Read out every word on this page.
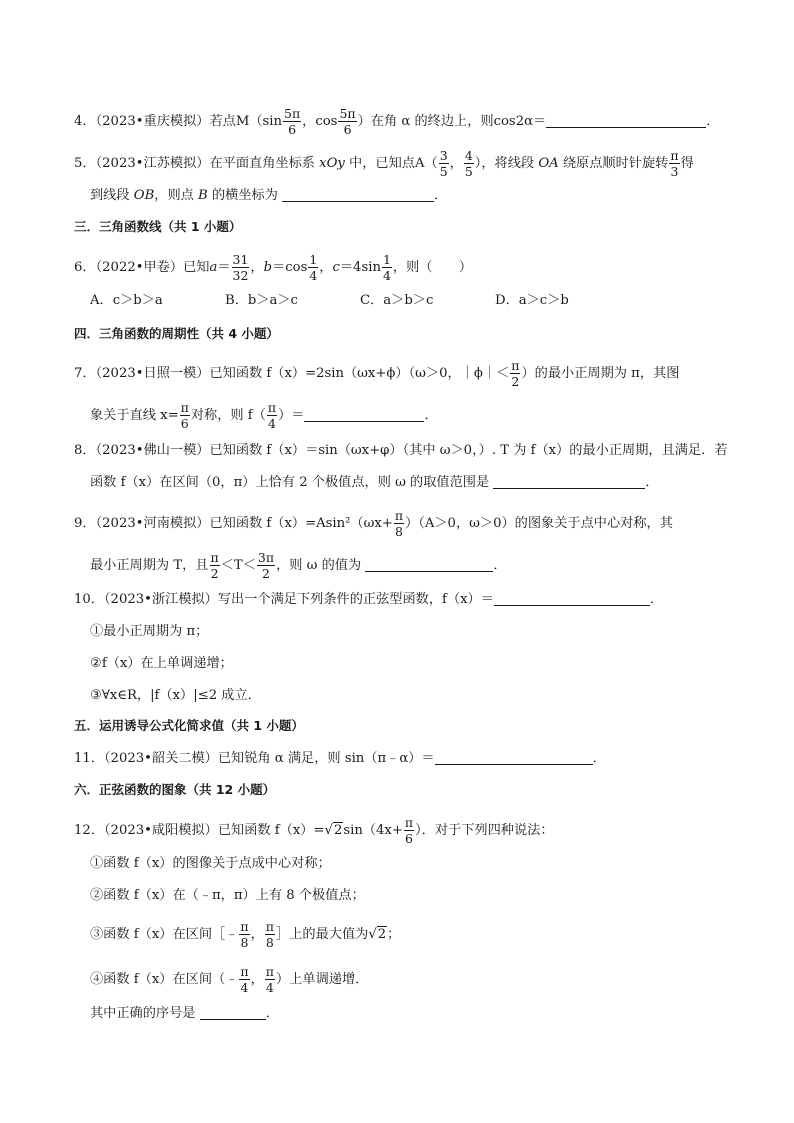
4．（2023•重庆模拟）若点$M(\sin \frac{5\pi}{6}$ ，$\cos \frac{5\pi}{6}$ ）在角 α 的终边上，则cos2α＝	．
5．（2023•江苏模拟）在平面直角坐标系 xOy 中，已知点$A( \frac{3}{5}$ ， $\frac{4}{5}$ ），将线段 OA 绕原点顺时针旋转 $\frac{\pi}{3}$ 得
到线段 OB，则点 B 的横坐标为	．
三．三角函数线（共 1 小题）
6．（2022•甲卷）已知$a= \frac{31}{32}$ ，$b=\cos \frac{1}{4}$ ，$c=4\sin \frac{1}{4}$ ，则（　　）
A．c＞b＞a	B．b＞a＞c	C．a＞b＞c	D．a＞c＞b
四．三角函数的周期性（共 4 小题）
7．（2023•日照一模）已知函数 f（x）=2sin（ωx+ϕ）（ω＞0，｜ϕ｜＜ $\frac{\pi}{2}$ ）的最小正周期为 π，其图
象关于直线 $x= \frac{\pi}{6}$ 对称，则 $f( \frac{\pi}{4}$ ）＝	．
8．（2023•佛山一模）已知函数 f（x）＝sin（ωx+φ）（其中 ω＞0，）. T 为 f（x）的最小正周期，且满足．若
函数 f（x）在区间（0，π）上恰有 2 个极值点，则 ω 的取值范围是	．
9．（2023•河南模拟）已知函数 $f(x)=Asin^2(\omega x+ \frac{\pi}{8} )(A>0$，ω＞0）的图象关于点中心对称，其
最小正周期为 T，且 $\frac{\pi}{2} <T< \frac{3\pi}{2}$ ，则 ω 的值为	．
10．（2023•浙江模拟）写出一个满足下列条件的正弦型函数，f（x）＝	．
①最小正周期为 π；
②f（x）在上单调递增；
③∀x∈R，|f（x）|≤2 成立．
五．运用诱导公式化简求值（共 1 小题）
11．（2023•韶关二模）已知锐角 α 满足，则 sin（π﹣α）＝	．
六．正弦函数的图象（共 12 小题）
12．（2023•咸阳模拟）已知函数 $f(x)=√2\sin(4x+ \frac{\pi}{6}$ ）．对于下列四种说法：
①函数 f（x）的图像关于点成中心对称；
②函数 f（x）在（﹣π，π）上有 8 个极值点；
③函数 f（x）在区间［﹣ $\frac{\pi}{8}$ ， $\frac{\pi}{8}$ ］上的最大值为√2；
④函数 f（x）在区间（﹣ $\frac{\pi}{4}$ ， $\frac{\pi}{4}$ ）上单调递增．
其中正确的序号是	．
